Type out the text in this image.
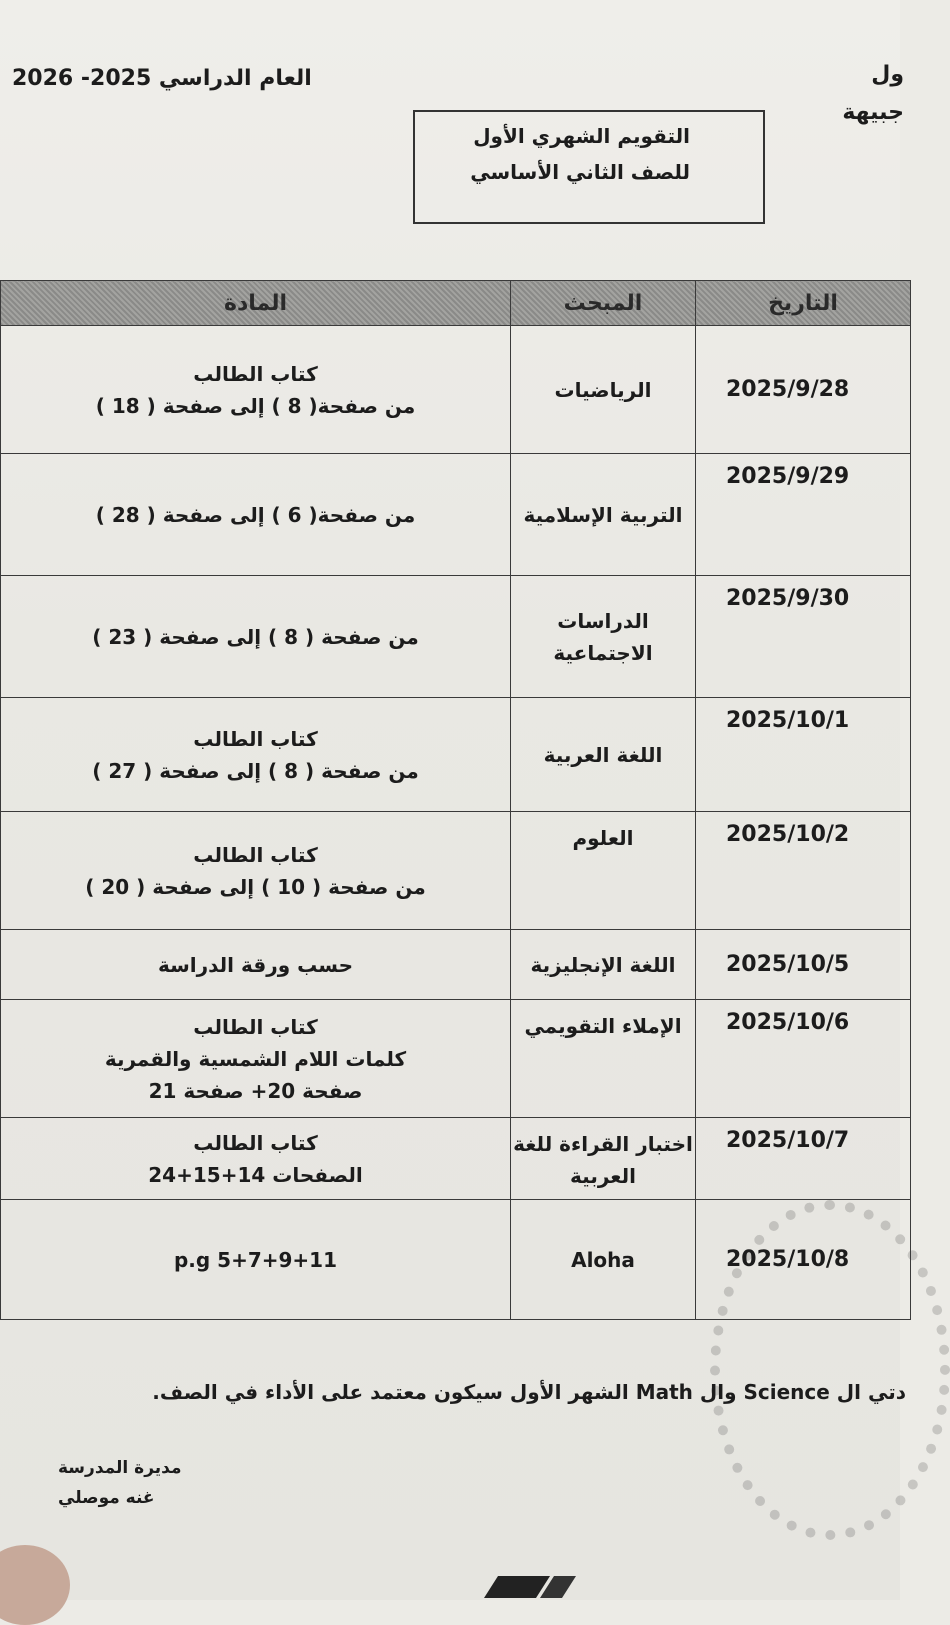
العام الدراسي 2025- 2026	ول
جبيهة
التقويم الشهري الأول
للصف الثاني الأساسي
المادة	المبحث	التاريخ

كتاب الطالب
من صفحة( 8 ) إلى صفحة ( 18 )	الرياضيات	2025/9/28

من صفحة( 6 ) إلى صفحة ( 28 )	التربية الإسلامية	2025/9/29

من صفحة ( 8 ) إلى صفحة ( 23 )	الدراسات الاجتماعية	2025/9/30

كتاب الطالب
من صفحة ( 8 ) إلى صفحة ( 27 )	اللغة العربية	2025/10/1

كتاب الطالب
من صفحة ( 10 ) إلى صفحة ( 20 )	العلوم	2025/10/2

حسب ورقة الدراسة	اللغة الإنجليزية	2025/10/5

كتاب الطالب
كلمات اللام الشمسية والقمرية
صفحة 20+ صفحة 21	الإملاء التقويمي	2025/10/6

كتاب الطالب
الصفحات 14+15+24	اختبار القراءة للغة العربية	2025/10/7

p.g 5+7+9+11	Aloha	2025/10/8
دتي ال Science وال Math الشهر الأول سيكون معتمد على الأداء في الصف.
مديرة المدرسة
غنه موصلي
